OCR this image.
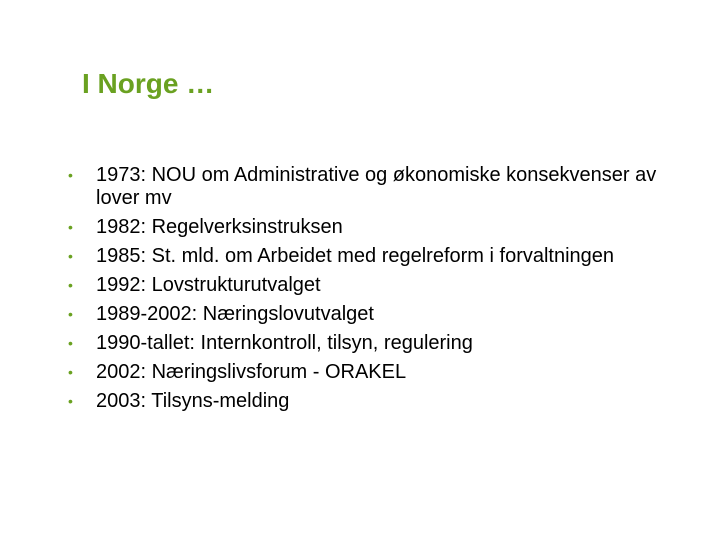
I Norge …
•	1973: NOU om Administrative og økonomiske konsekvenser av lover mv
•	1982: Regelverksinstruksen
•	1985: St. mld. om Arbeidet med regelreform i forvaltningen
•	1992: Lovstrukturutvalget
•	1989-2002: Næringslovutvalget
•	1990-tallet: Internkontroll, tilsyn, regulering
•	2002: Næringslivsforum - ORAKEL
•	2003: Tilsyns-melding
